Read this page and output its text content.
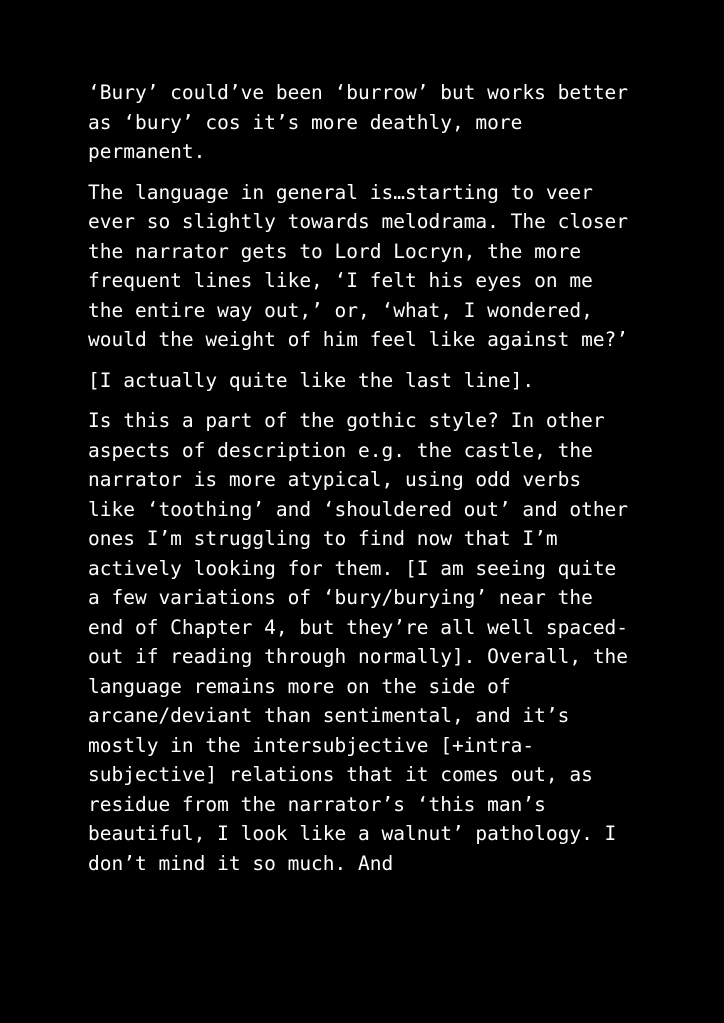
‘Bury’ could’ve been ‘burrow’ but works better as ‘bury’ cos it’s more deathly, more permanent.

The language in general is…starting to veer ever so slightly towards melodrama. The closer the narrator gets to Lord Locryn, the more frequent lines like, ‘I felt his eyes on me the entire way out,’ or, ‘what, I wondered, would the weight of him feel like against me?’

[I actually quite like the last line].

Is this a part of the gothic style? In other aspects of description e.g. the castle, the narrator is more atypical, using odd verbs like ‘toothing’ and ‘shouldered out’ and other ones I’m struggling to find now that I’m actively looking for them. [I am seeing quite a few variations of ‘bury/burying’ near the end of Chapter 4, but they’re all well spaced-out if reading through normally]. Overall, the language remains more on the side of arcane/deviant than sentimental, and it’s mostly in the intersubjective [+intra-subjective] relations that it comes out, as residue from the narrator’s ‘this man’s beautiful, I look like a walnut’ pathology. I don’t mind it so much. And
